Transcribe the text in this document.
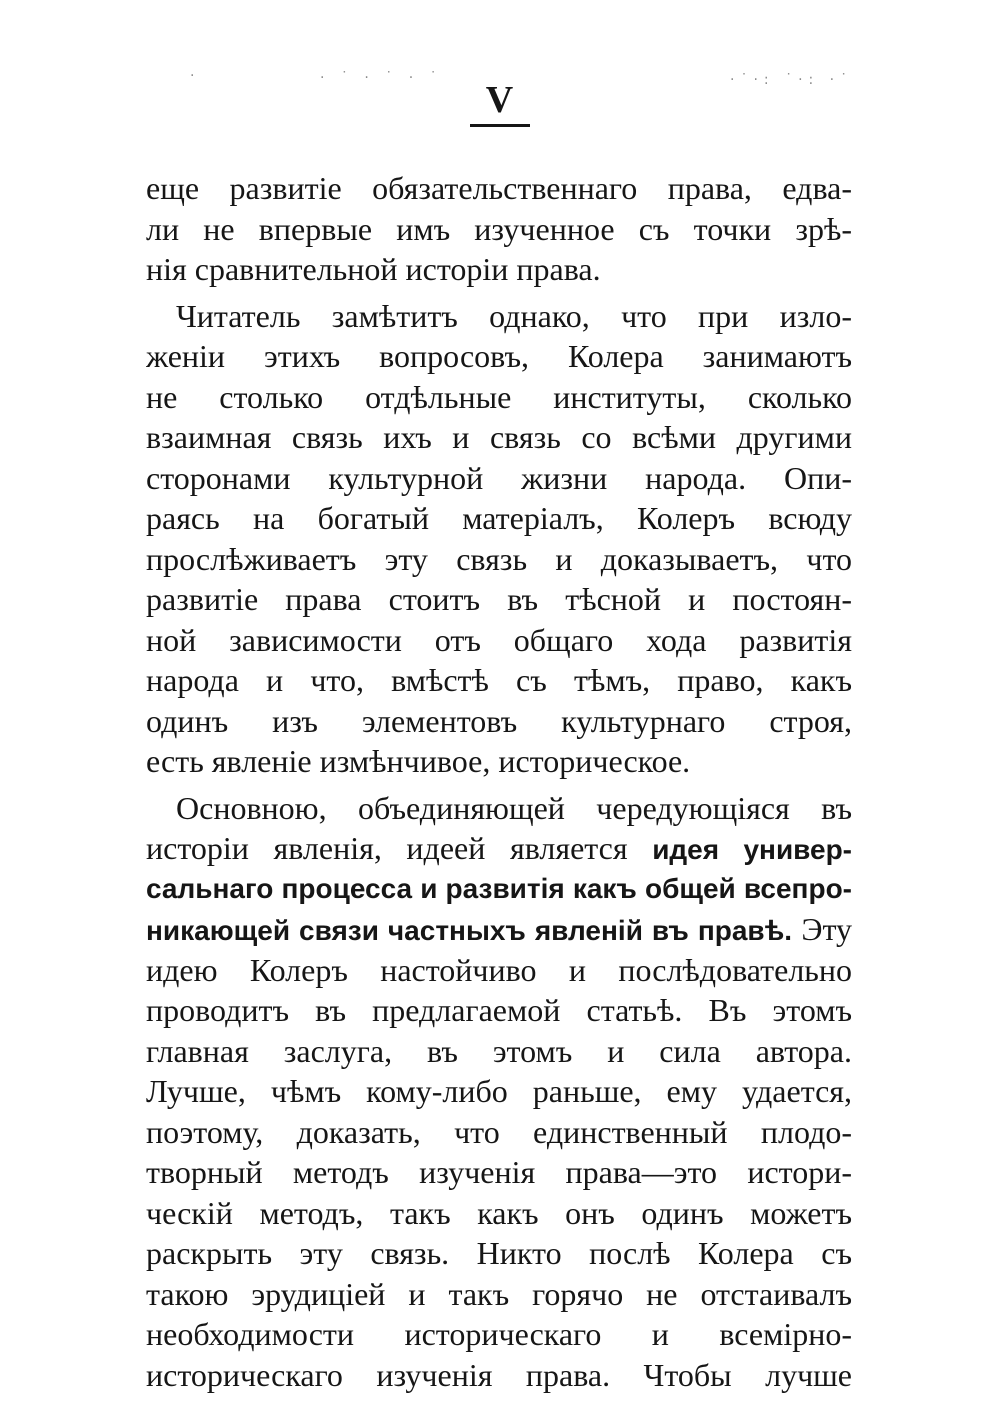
· ˙ · ˙ · ˙	·˙·: ˙·: ·˙
·
V
еще развитіе обязательственнаго права, едва-
ли не впервые имъ изученное съ точки зрѣ-
нія сравнительной исторіи права.
Читатель замѣтитъ однако, что при изло-
женіи этихъ вопросовъ, Колера занимаютъ
не столько отдѣльные институты, сколько
взаимная связь ихъ и связь со всѣми другими
сторонами культурной жизни народа. Опи-
раясь на богатый матеріалъ, Колеръ всюду
прослѣживаетъ эту связь и доказываетъ, что
развитіе права стоитъ въ тѣсной и постоян-
ной зависимости отъ общаго хода развитія
народа и что, вмѣстѣ съ тѣмъ, право, какъ
одинъ изъ элементовъ культурнаго строя,
есть явленіе измѣнчивое, историческое.
Основною, объединяющей чередующіяся въ
исторіи явленія, идеей является идея универ-
сальнаго процесса и развитія какъ общей всепро-
никающей связи частныхъ явленій въ правѣ. Эту
идею Колеръ настойчиво и послѣдовательно
проводитъ въ предлагаемой статьѣ. Въ этомъ
главная заслуга, въ этомъ и сила автора.
Лучше, чѣмъ кому-либо раньше, ему удается,
поэтому, доказать, что единственный плодо-
творный методъ изученія права—это истори-
ческій методъ, такъ какъ онъ одинъ можетъ
раскрыть эту связь. Никто послѣ Колера съ
такою эрудиціей и такъ горячо не отстаивалъ
необходимости историческаго и всемірно-
историческаго изученія права. Чтобы лучше
